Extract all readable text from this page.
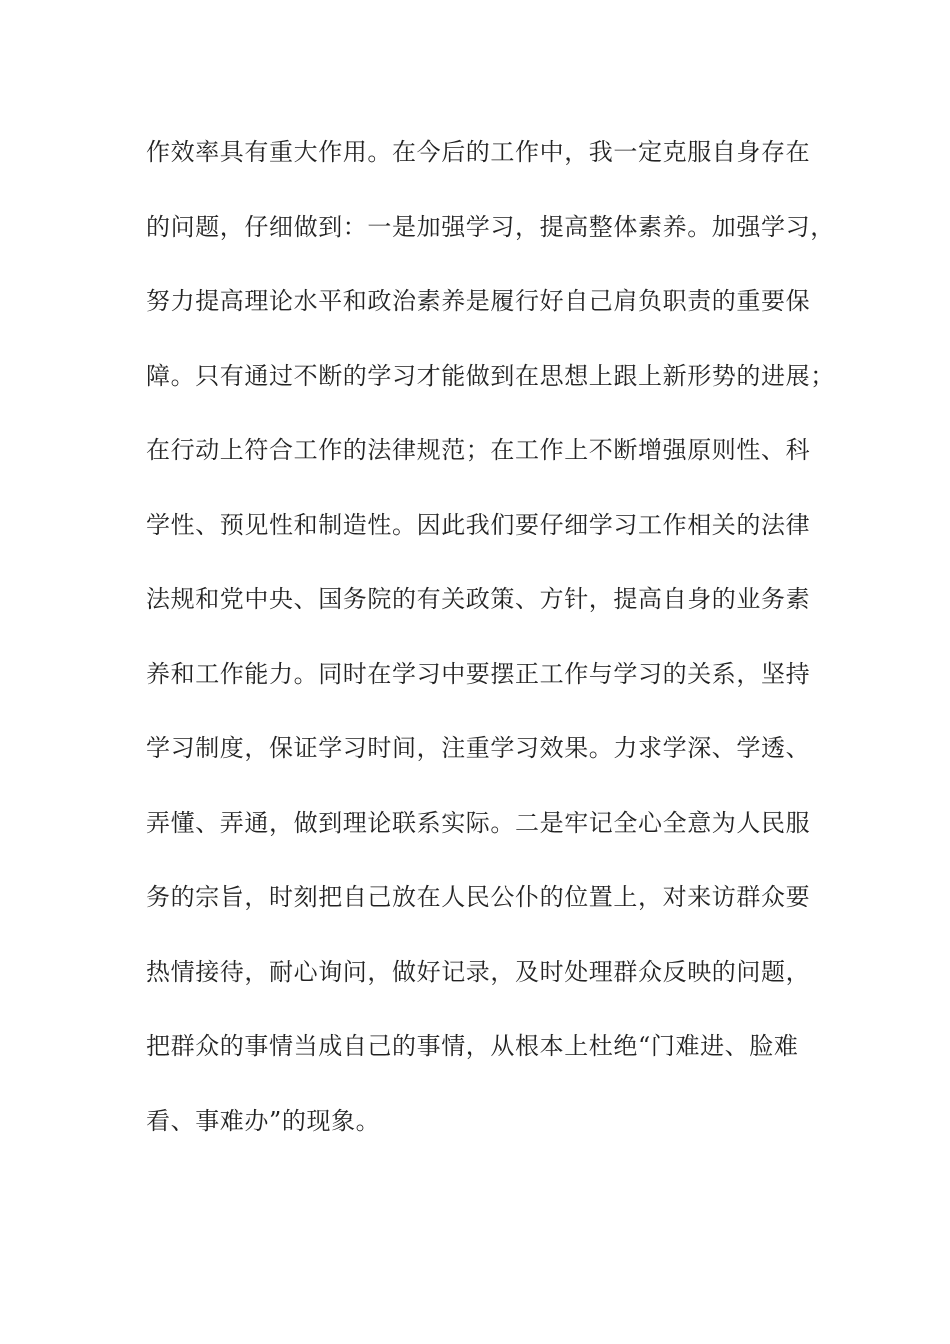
作效率具有重大作用。在今后的工作中，我一定克服自身存在
的问题，仔细做到：一是加强学习，提高整体素养。加强学习，
努力提高理论水平和政治素养是履行好自己肩负职责的重要保
障。只有通过不断的学习才能做到在思想上跟上新形势的进展；
在行动上符合工作的法律规范；在工作上不断增强原则性、科
学性、预见性和制造性。因此我们要仔细学习工作相关的法律
法规和党中央、国务院的有关政策、方针，提高自身的业务素
养和工作能力。同时在学习中要摆正工作与学习的关系，坚持
学习制度，保证学习时间，注重学习效果。力求学深、学透、
弄懂、弄通，做到理论联系实际。二是牢记全心全意为人民服
务的宗旨，时刻把自己放在人民公仆的位置上，对来访群众要
热情接待，耐心询问，做好记录，及时处理群众反映的问题，
把群众的事情当成自己的事情，从根本上杜绝“门难进、脸难
看、事难办”的现象。
